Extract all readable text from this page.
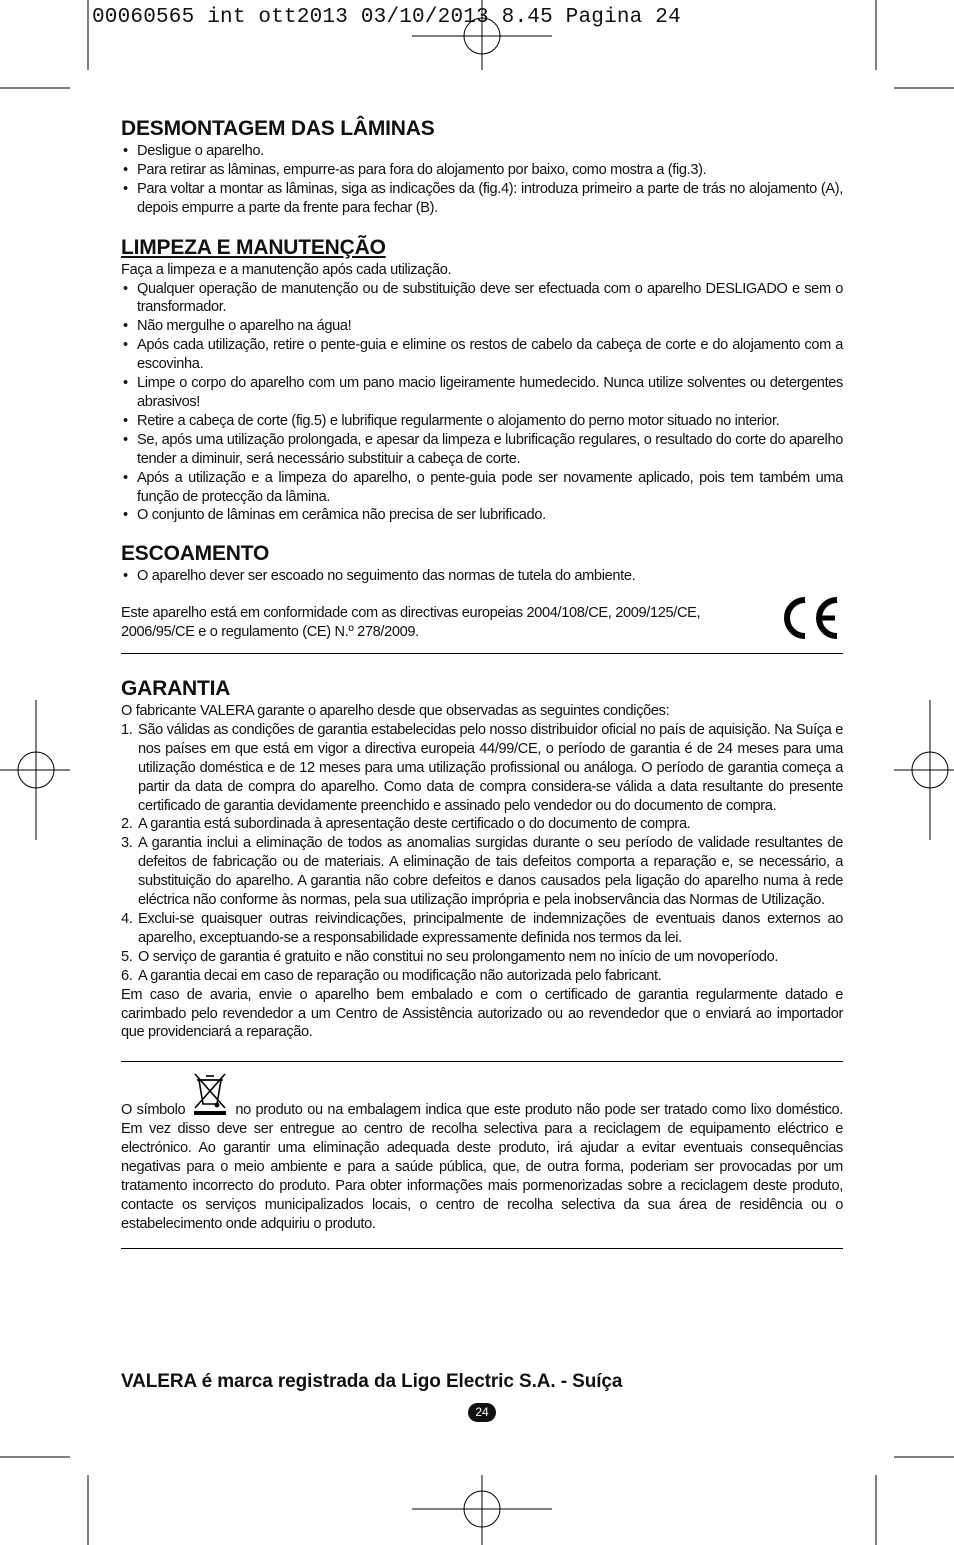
00060565 int ott2013 03/10/2013 8.45 Pagina 24
DESMONTAGEM DAS LÂMINAS
• Desligue o aparelho.
• Para retirar as lâminas, empurre-as para fora do alojamento por baixo, como mostra a (fig.3).
• Para voltar a montar as lâminas, siga as indicações da (fig.4): introduza primeiro a parte de trás no alojamento (A), depois empurre a parte da frente para fechar (B).
LIMPEZA E MANUTENÇÃO
Faça a limpeza e a manutenção após cada utilização.
• Qualquer operação de manutenção ou de substituição deve ser efectuada com o aparelho DESLIGADO e sem o transformador.
• Não mergulhe o aparelho na água!
• Após cada utilização, retire o pente-guia e elimine os restos de cabelo da cabeça de corte e do alojamento com a escovinha.
• Limpe o corpo do aparelho com um pano macio ligeiramente humedecido. Nunca utilize solventes ou detergentes abrasivos!
• Retire a cabeça de corte (fig.5) e lubrifique regularmente o alojamento do perno motor situado no interior.
• Se, após uma utilização prolongada, e apesar da limpeza e lubrificação regulares, o resultado do corte do aparelho tender a diminuir, será necessário substituir a cabeça de corte.
• Após a utilização e a limpeza do aparelho, o pente-guia pode ser novamente aplicado, pois tem também uma função de protecção da lâmina.
• O conjunto de lâminas em cerâmica não precisa de ser lubrificado.
ESCOAMENTO
• O aparelho dever ser escoado no seguimento das normas de tutela do ambiente.
Este aparelho está em conformidade com as directivas europeias 2004/108/CE, 2009/125/CE, 2006/95/CE e o regulamento (CE) N.º 278/2009.
GARANTIA
O fabricante VALERA garante o aparelho desde que observadas as seguintes condições:
1. São válidas as condições de garantia estabelecidas pelo nosso distribuidor oficial no país de aquisição. Na Suíça e nos países em que está em vigor a directiva europeia 44/99/CE, o período de garantia é de 24 meses para uma utilização doméstica e de 12 meses para uma utilização profissional ou análoga. O período de garantia começa a partir da data de compra do aparelho. Como data de compra considera-se válida a data resultante do presente certificado de garantia devidamente preenchido e assinado pelo vendedor ou do documento de compra.
2. A garantia está subordinada à apresentação deste certificado o do documento de compra.
3. A garantia inclui a eliminação de todos as anomalias surgidas durante o seu período de validade resultantes de defeitos de fabricação ou de materiais. A eliminação de tais defeitos comporta a reparação e, se necessário, a substituição do aparelho. A garantia não cobre defeitos e danos causados pela ligação do aparelho numa à rede eléctrica não conforme às normas, pela sua utilização imprópria e pela inobservância das Normas de Utilização.
4. Exclui-se quaisquer outras reivindicações, principalmente de indemnizações de eventuais danos externos ao aparelho, exceptuando-se a responsabilidade expressamente definida nos termos da lei.
5. O serviço de garantia é gratuito e não constitui no seu prolongamento nem no início de um novoperíodo.
6. A garantia decai em caso de reparação ou modificação não autorizada pelo fabricant.
Em caso de avaria, envie o aparelho bem embalado e com o certificado de garantia regularmente datado e carimbado pelo revendedor a um Centro de Assistência autorizado ou ao revendedor que o enviará ao importador que providenciará a reparação.
O símbolo	no produto ou na embalagem indica que este produto não pode ser tratado como lixo doméstico. Em vez disso deve ser entregue ao centro de recolha selectiva para a reciclagem de equipamento eléctrico e electrónico. Ao garantir uma eliminação adequada deste produto, irá ajudar a evitar eventuais consequências negativas para o meio ambiente e para a saúde pública, que, de outra forma, poderiam ser provocadas por um tratamento incorrecto do produto. Para obter informações mais pormenorizadas sobre a reciclagem deste produto, contacte os serviços municipalizados locais, o centro de recolha selectiva da sua área de residência ou o estabelecimento onde adquiriu o produto.
VALERA é marca registrada da Ligo Electric S.A. - Suíça
24
